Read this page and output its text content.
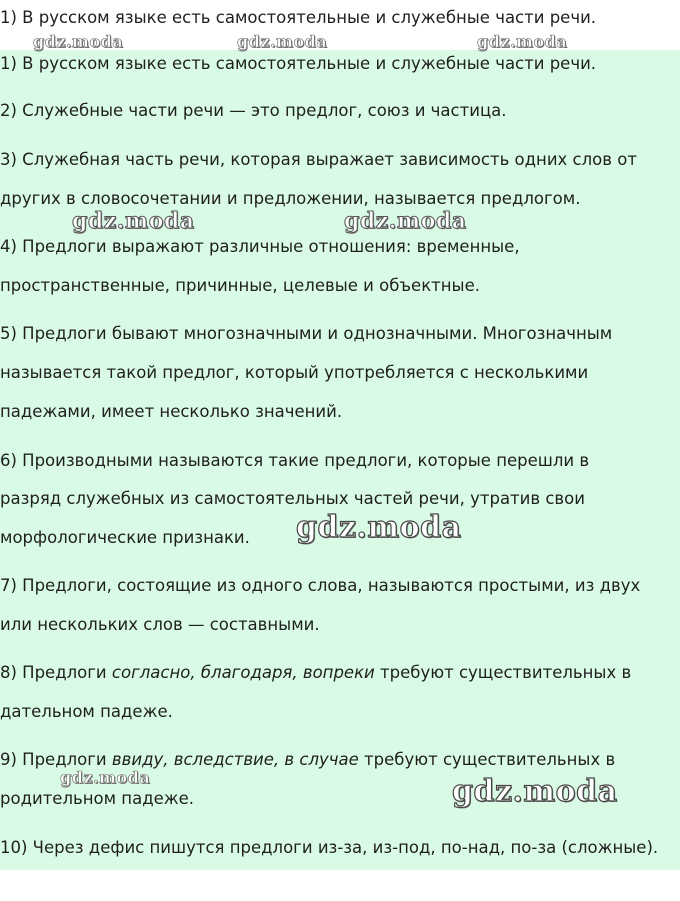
1) В русском языке есть самостоятельные и служебные части речи.
1) В русском языке есть самостоятельные и служебные части речи.
2) Служебные части речи — это предлог, союз и частица.
3) Служебная часть речи, которая выражает зависимость одних слов от
других в словосочетании и предложении, называется предлогом.
4) Предлоги выражают различные отношения: временные,
пространственные, причинные, целевые и объектные.
5) Предлоги бывают многозначными и однозначными. Многозначным
называется такой предлог, который употребляется с несколькими
падежами, имеет несколько значений.
6) Производными называются такие предлоги, которые перешли в
разряд служебных из самостоятельных частей речи, утратив свои
морфологические признаки.
7) Предлоги, состоящие из одного слова, называются простыми, из двух
или нескольких слов — составными.
8) Предлоги согласно, благодаря, вопреки требуют существительных в
дательном падеже.
9) Предлоги ввиду, вследствие, в случае требуют существительных в
родительном падеже.
10) Через дефис пишутся предлоги из-за, из-под, по-над, по-за (сложные).
gdz.moda	gdz.moda	gdz.moda
gdz.moda	gdz.moda
gdz.moda
gdz.moda	gdz.moda
